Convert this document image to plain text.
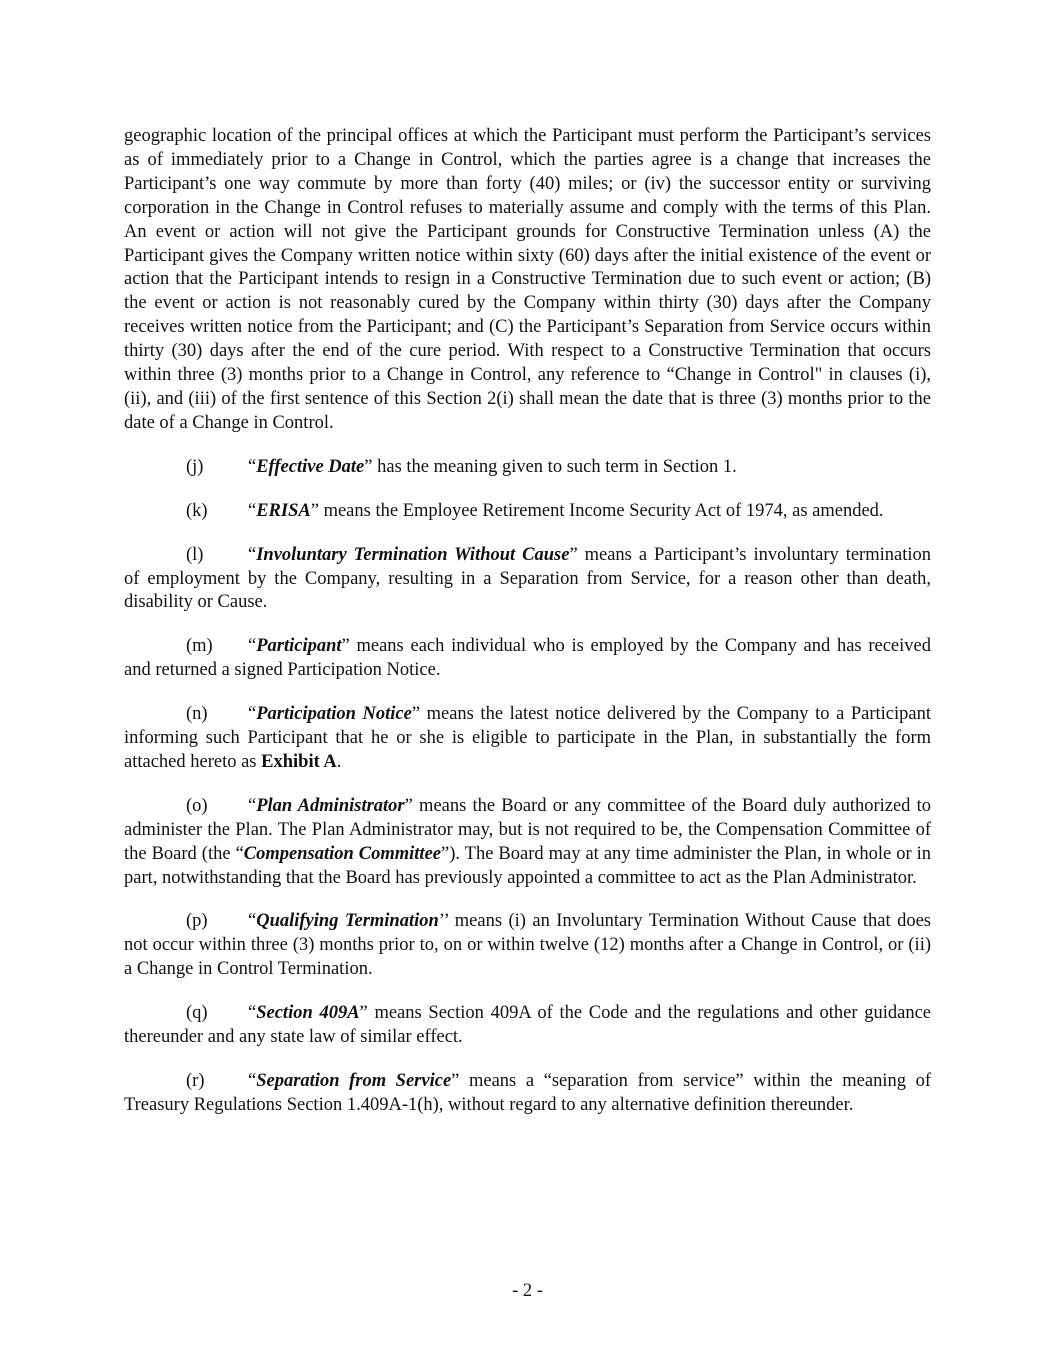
geographic location of the principal offices at which the Participant must perform the Participant’s services as of immediately prior to a Change in Control, which the parties agree is a change that increases the Participant’s one way commute by more than forty (40) miles; or (iv) the successor entity or surviving corporation in the Change in Control refuses to materially assume and comply with the terms of this Plan. An event or action will not give the Participant grounds for Constructive Termination unless (A) the Participant gives the Company written notice within sixty (60) days after the initial existence of the event or action that the Participant intends to resign in a Constructive Termination due to such event or action; (B) the event or action is not reasonably cured by the Company within thirty (30) days after the Company receives written notice from the Participant; and (C) the Participant’s Separation from Service occurs within thirty (30) days after the end of the cure period. With respect to a Constructive Termination that occurs within three (3) months prior to a Change in Control, any reference to “Change in Control" in clauses (i), (ii), and (iii) of the first sentence of this Section 2(i) shall mean the date that is three (3) months prior to the date of a Change in Control.

(j) “Effective Date” has the meaning given to such term in Section 1.

(k) “ERISA” means the Employee Retirement Income Security Act of 1974, as amended.

(l) “Involuntary Termination Without Cause” means a Participant’s involuntary termination of employment by the Company, resulting in a Separation from Service, for a reason other than death, disability or Cause.

(m) “Participant” means each individual who is employed by the Company and has received and returned a signed Participation Notice.

(n) “Participation Notice” means the latest notice delivered by the Company to a Participant informing such Participant that he or she is eligible to participate in the Plan, in substantially the form attached hereto as Exhibit A.

(o) “Plan Administrator” means the Board or any committee of the Board duly authorized to administer the Plan. The Plan Administrator may, but is not required to be, the Compensation Committee of the Board (the “Compensation Committee”). The Board may at any time administer the Plan, in whole or in part, notwithstanding that the Board has previously appointed a committee to act as the Plan Administrator.

(p) “Qualifying Termination’’ means (i) an Involuntary Termination Without Cause that does not occur within three (3) months prior to, on or within twelve (12) months after a Change in Control, or (ii) a Change in Control Termination.

(q) “Section 409A” means Section 409A of the Code and the regulations and other guidance thereunder and any state law of similar effect.

(r) “Separation from Service” means a “separation from service” within the meaning of Treasury Regulations Section 1.409A-1(h), without regard to any alternative definition thereunder.

- 2 -
